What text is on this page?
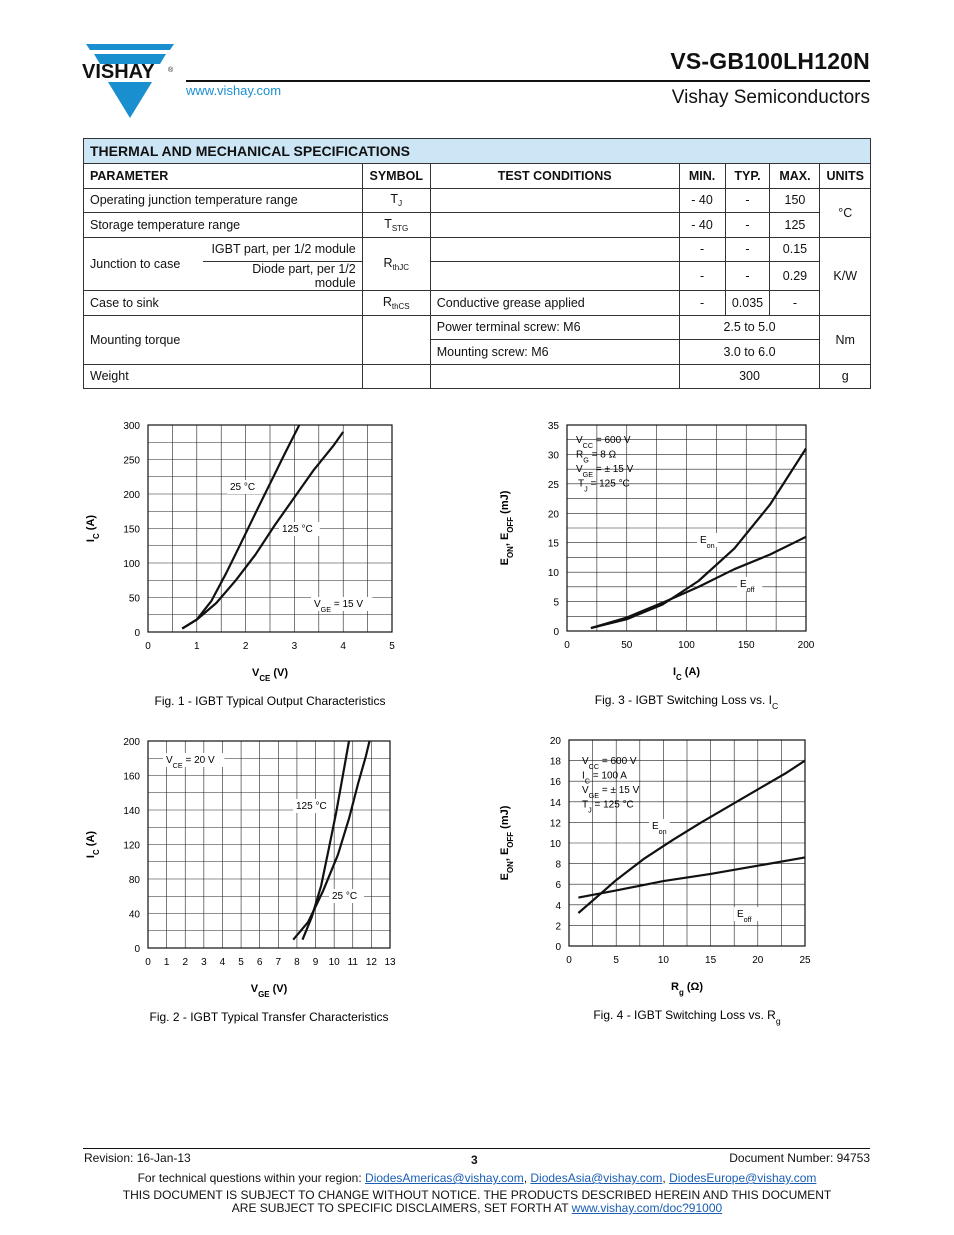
VISHAY ®
www.vishay.com
VS-GB100LH120N
Vishay Semiconductors
THERMAL AND MECHANICAL SPECIFICATIONS							
PARAMETER		SYMBOL	TEST CONDITIONS	MIN.	TYP.	MAX.	UNITS
Operating junction temperature range		$T_J$		- 40	-	150	°C
Storage temperature range		$T_{STG}$		- 40	-	125	
Junction to case	IGBT part, per 1/2 module	$R_{thJC}$		-	-	0.15	K/W
	Diode part, per 1/2 module			-	-	0.29	
Case to sink		$R_{thCS}$	Conductive grease applied	-	0.035	-	
Mounting torque			Power terminal screw: M6	2.5 to 5.0			Nm
			Mounting screw: M6	3.0 to 6.0			
Weight				300			g
0	1	2	3	4	5
0
50
100
150
200
250
300
$V_{CE}$ (V)
$I_C$ (A)
Fig. 1 - IGBT Typical Output Characteristics
25 °C
125 °C
$V_{GE} = 15$ V
0	50	100	150	200
0
5
10
15
20
25
30
35
$I_C$ (A)
$E_{ON}$, $E_{OFF}$ (mJ)
Fig. 3 - IGBT Switching Loss vs. $I_C$
$V_{CC} = 600$ V
$R_G = 8$ Ω
$V_{GE}$ = ± 15 V
$T_J = 125$ °C
$E_{on}$
$E_{off}$
0 1 2 3 4 5 6 7 8 9 10 11 12 13
0
40
80
120
140
160
200
$V_{GE}$ (V)
$I_C$ (A)
Fig. 2 - IGBT Typical Transfer Characteristics
$V_{CE} = 20$ V
125 °C
25 °C
0	5	10	15	20	25
0
2
4
6
8
10
12
14
16
18
20
$R_g$ (Ω)
$E_{ON}$, $E_{OFF}$ (mJ)
Fig. 4 - IGBT Switching Loss vs. $R_g$
$V_{CC} = 600$ V
$I_C = 100$ A
$V_{GE}$ = ± 15 V
$T_J = 125$ °C
$E_{on}$
$E_{off}$
Revision: 16-Jan-13	3	Document Number: 94753
For technical questions within your region: DiodesAmericas@vishay.com, DiodesAsia@vishay.com, DiodesEurope@vishay.com
THIS DOCUMENT IS SUBJECT TO CHANGE WITHOUT NOTICE. THE PRODUCTS DESCRIBED HEREIN AND THIS DOCUMENT
ARE SUBJECT TO SPECIFIC DISCLAIMERS, SET FORTH AT www.vishay.com/doc?91000
